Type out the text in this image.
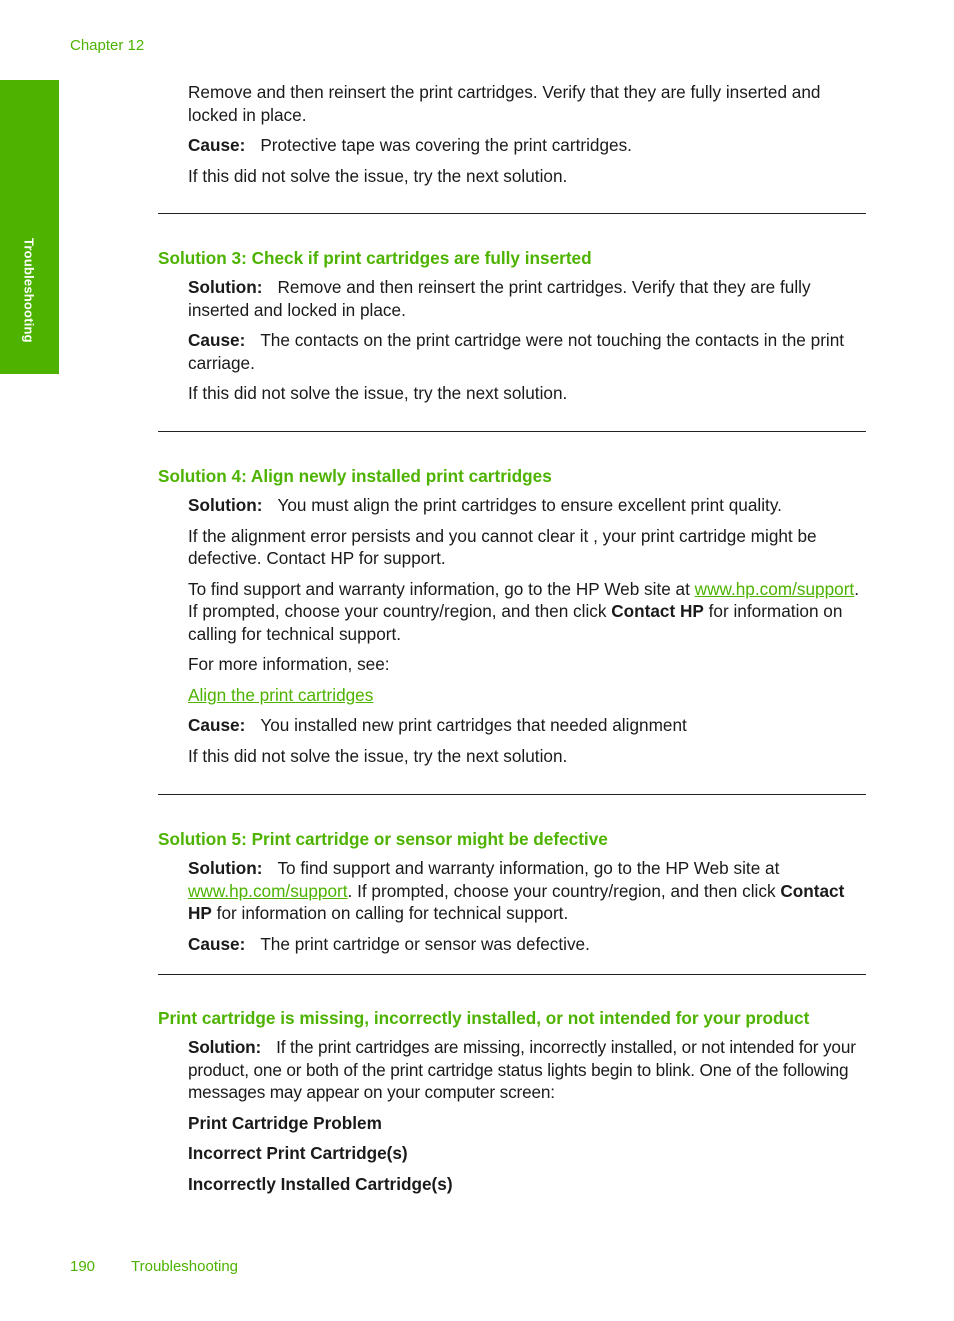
Chapter 12
Troubleshooting

Remove and then reinsert the print cartridges. Verify that they are fully inserted and locked in place.

Cause: Protective tape was covering the print cartridges.

If this did not solve the issue, try the next solution.

Solution 3: Check if print cartridges are fully inserted

Solution: Remove and then reinsert the print cartridges. Verify that they are fully inserted and locked in place.

Cause: The contacts on the print cartridge were not touching the contacts in the print carriage.

If this did not solve the issue, try the next solution.

Solution 4: Align newly installed print cartridges

Solution: You must align the print cartridges to ensure excellent print quality.

If the alignment error persists and you cannot clear it , your print cartridge might be defective. Contact HP for support.

To find support and warranty information, go to the HP Web site at www.hp.com/support. If prompted, choose your country/region, and then click Contact HP for information on calling for technical support.

For more information, see:

Align the print cartridges

Cause: You installed new print cartridges that needed alignment

If this did not solve the issue, try the next solution.

Solution 5: Print cartridge or sensor might be defective

Solution: To find support and warranty information, go to the HP Web site at www.hp.com/support. If prompted, choose your country/region, and then click Contact HP for information on calling for technical support.

Cause: The print cartridge or sensor was defective.

Print cartridge is missing, incorrectly installed, or not intended for your product

Solution: If the print cartridges are missing, incorrectly installed, or not intended for your product, one or both of the print cartridge status lights begin to blink. One of the following messages may appear on your computer screen:

Print Cartridge Problem

Incorrect Print Cartridge(s)

Incorrectly Installed Cartridge(s)

190 Troubleshooting
